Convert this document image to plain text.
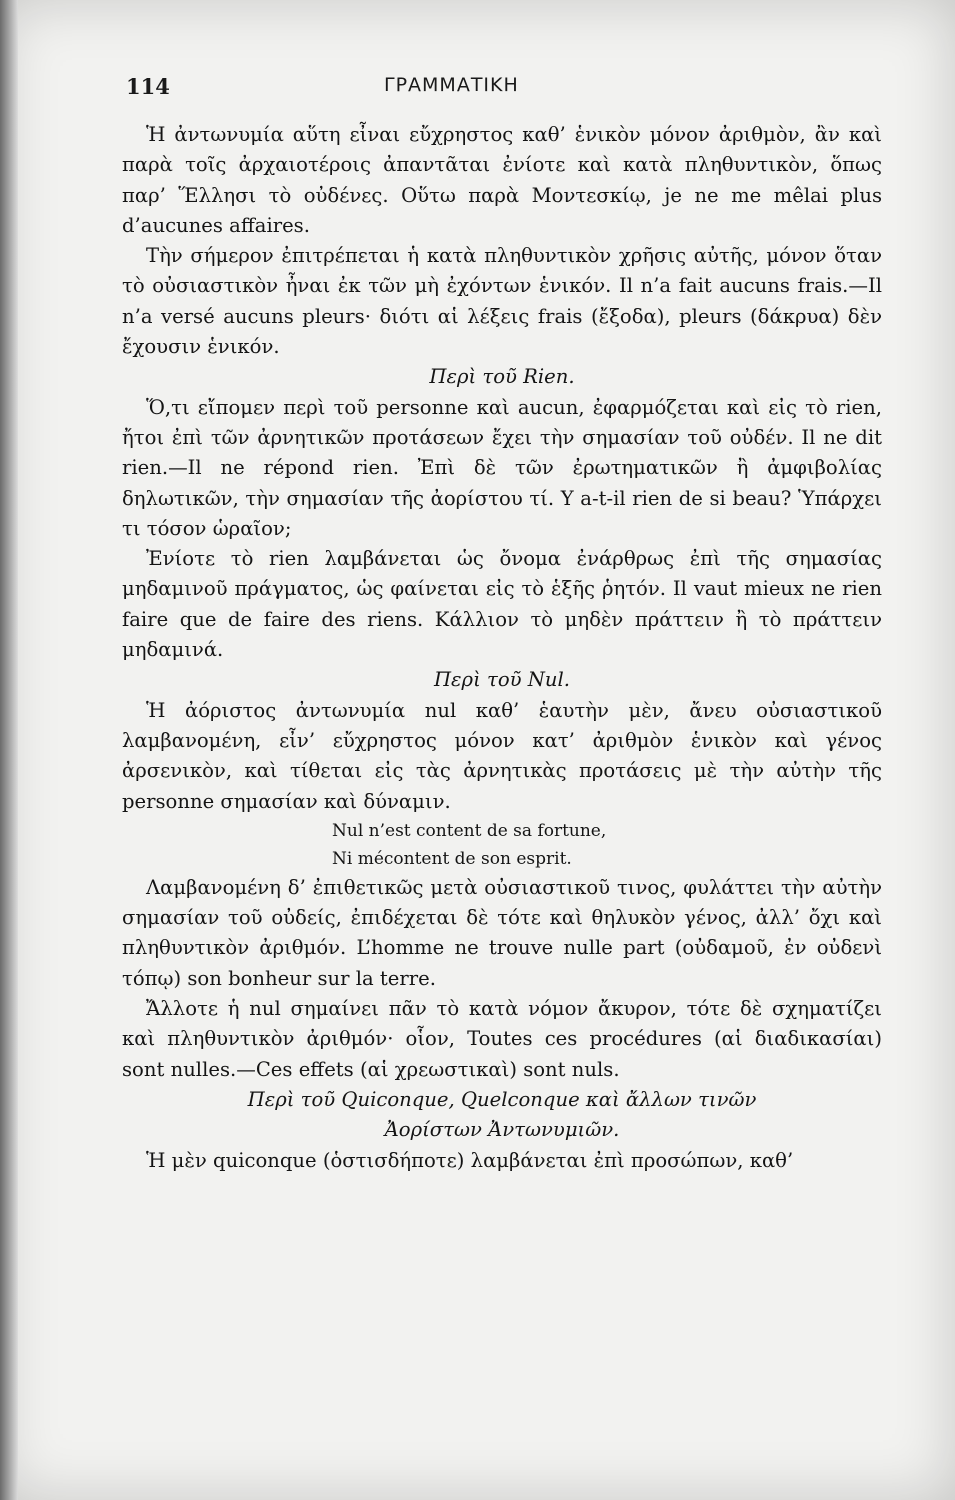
114	ΓΡΑΜΜΑΤΙΚΗ

Ἡ ἀντωνυμία αὕτη εἶναι εὔχρηστος καθ’ ἑνικὸν μόνον ἀριθμὸν, ἂν καὶ παρὰ τοῖς ἀρχαιοτέροις ἀπαντᾶται ἐνίοτε καὶ κατὰ πληθυντικὸν, ὅπως παρ’ Ἕλλησι τὸ οὐδένες. Οὕτω παρὰ Μοντεσκίῳ, je ne me mêlai plus d’aucunes affaires.

Τὴν σήμερον ἐπιτρέπεται ἡ κατὰ πληθυντικὸν χρῆσις αὐτῆς, μόνον ὅταν τὸ οὐσιαστικὸν ἦναι ἐκ τῶν μὴ ἐχόντων ἑνικόν. Il n’a fait aucuns frais.—Il n’a versé aucuns pleurs· διότι αἱ λέξεις frais (ἔξοδα), pleurs (δάκρυα) δὲν ἔχουσιν ἑνικόν.

Περὶ τοῦ Rien.

Ὅ,τι εἴπομεν περὶ τοῦ personne καὶ aucun, ἐφαρμόζεται καὶ εἰς τὸ rien, ἤτοι ἐπὶ τῶν ἀρνητικῶν προτάσεων ἔχει τὴν σημασίαν τοῦ οὐδέν. Il ne dit rien.—Il ne répond rien. Ἐπὶ δὲ τῶν ἐρωτηματικῶν ἢ ἀμφιβολίας δηλωτικῶν, τὴν σημασίαν τῆς ἀορίστου τί. Y a-t-il rien de si beau? Ὑπάρχει τι τόσον ὡραῖον;

Ἐνίοτε τὸ rien λαμβάνεται ὡς ὄνομα ἐνάρθρως ἐπὶ τῆς σημασίας μηδαμινοῦ πράγματος, ὡς φαίνεται εἰς τὸ ἑξῆς ῥητόν. Il vaut mieux ne rien faire que de faire des riens. Κάλλιον τὸ μηδὲν πράττειν ἢ τὸ πράττειν μηδαμινά.

Περὶ τοῦ Nul.

Ἡ ἀόριστος ἀντωνυμία nul καθ’ ἑαυτὴν μὲν, ἄνευ οὐσιαστικοῦ λαμβανομένη, εἶν’ εὔχρηστος μόνον κατ’ ἀριθμὸν ἑνικὸν καὶ γένος ἀρσενικὸν, καὶ τίθεται εἰς τὰς ἀρνητικὰς προτάσεις μὲ τὴν αὐτὴν τῆς personne σημασίαν καὶ δύναμιν.

Nul n’est content de sa fortune,

Ni mécontent de son esprit.

Λαμβανομένη δ’ ἐπιθετικῶς μετὰ οὐσιαστικοῦ τινος, φυλάττει τὴν αὐτὴν σημασίαν τοῦ οὐδείς, ἐπιδέχεται δὲ τότε καὶ θηλυκὸν γένος, ἀλλ’ ὄχι καὶ πληθυντικὸν ἀριθμόν. L’homme ne trouve nulle part (οὐδαμοῦ, ἐν οὐδενὶ τόπῳ) son bonheur sur la terre.

Ἄλλοτε ἡ nul σημαίνει πᾶν τὸ κατὰ νόμον ἄκυρον, τότε δὲ σχηματίζει καὶ πληθυντικὸν ἀριθμόν· οἷον, Toutes ces procédures (αἱ διαδικασίαι) sont nulles.—Ces effets (αἱ χρεωστικαὶ) sont nuls.

Περὶ τοῦ Quiconque, Quelconque καὶ ἄλλων τινῶν

Ἀορίστων Ἀντωνυμιῶν.

Ἡ μὲν quiconque (ὁστισδήποτε) λαμβάνεται ἐπὶ προσώπων, καθ’
